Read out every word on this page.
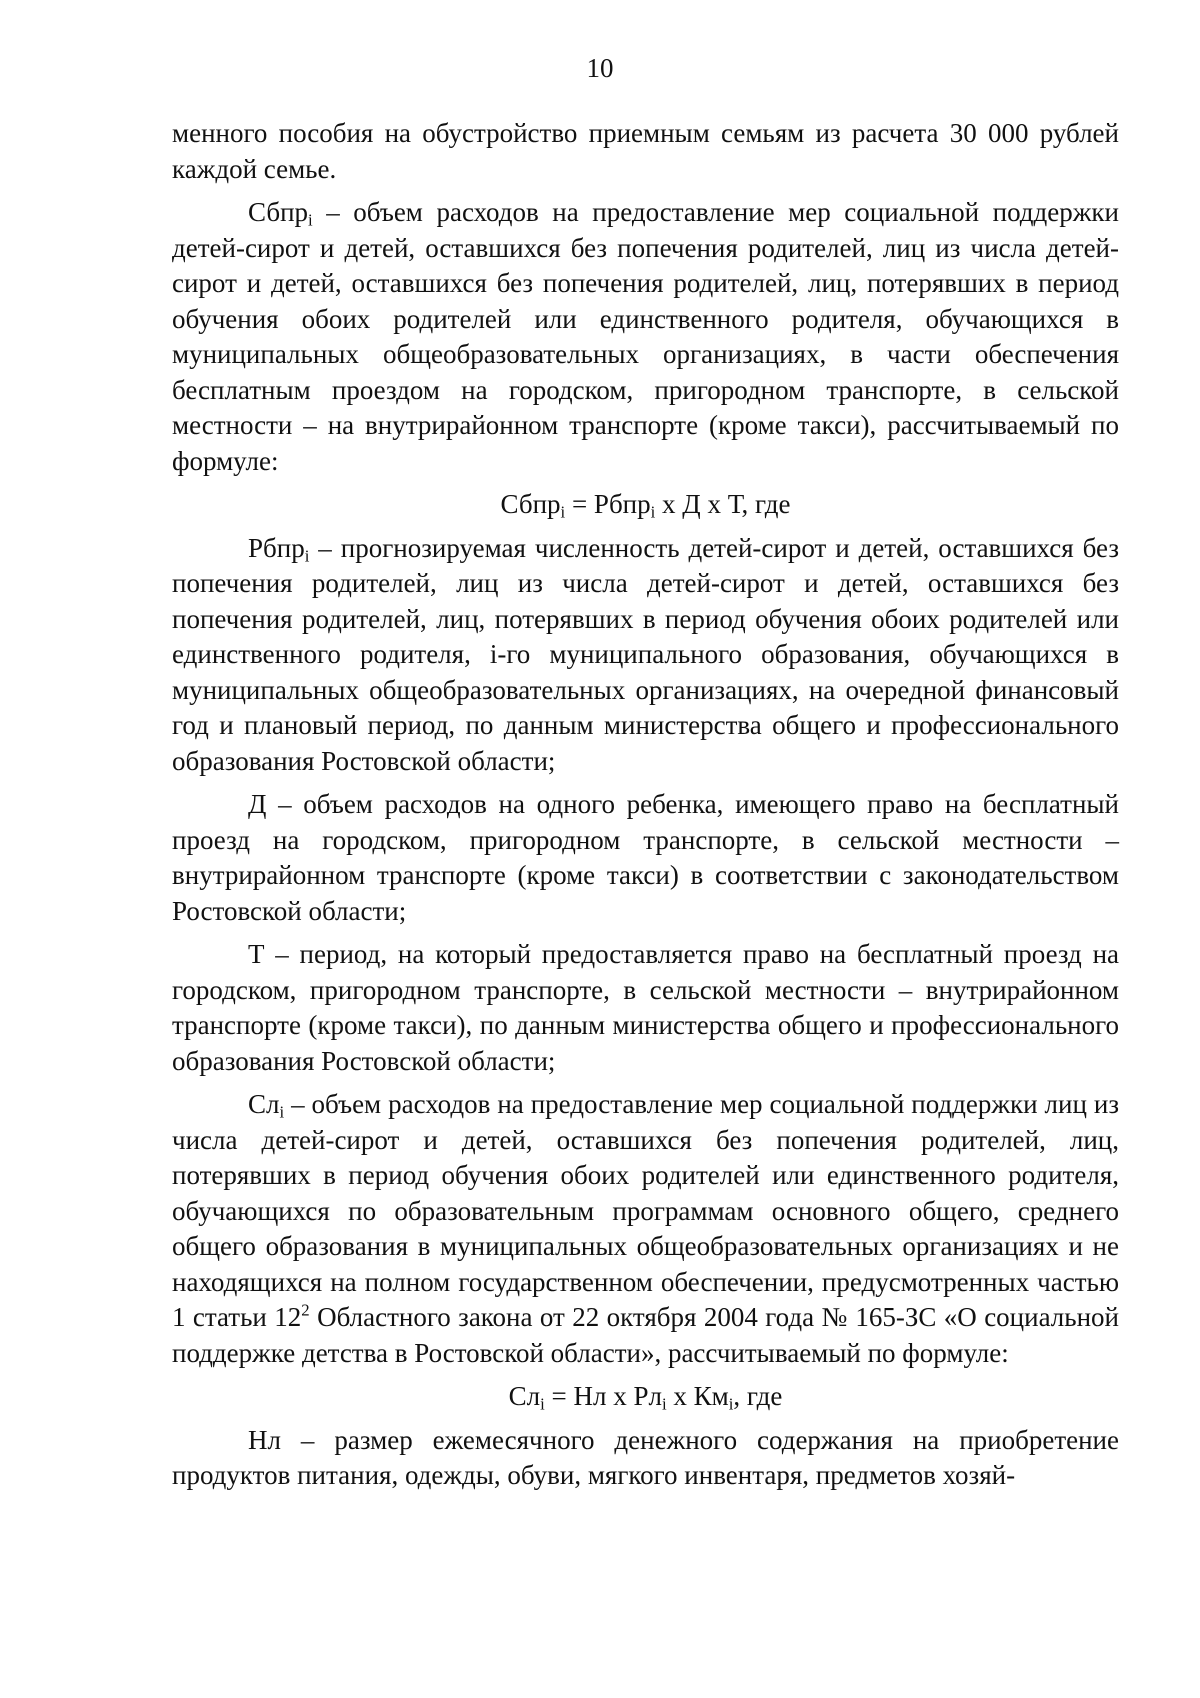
10

менного пособия на обустройство приемным семьям из расчета 30 000 рублей каждой семье.

Сбпр$_i$ – объем расходов на предоставление мер социальной поддержки детей-сирот и детей, оставшихся без попечения родителей, лиц из числа детей-сирот и детей, оставшихся без попечения родителей, лиц, потерявших в период обучения обоих родителей или единственного родителя, обучающихся в муниципальных общеобразовательных организациях, в части обеспечения бесплатным проездом на городском, пригородном транспорте, в сельской местности – на внутрирайонном транспорте (кроме такси), рассчитываемый по формуле:

Сбпр$_i$ = Рбпр$_i$ х Д х Т, где

Рбпр$_i$ – прогнозируемая численность детей-сирот и детей, оставшихся без попечения родителей, лиц из числа детей-сирот и детей, оставшихся без попечения родителей, лиц, потерявших в период обучения обоих родителей или единственного родителя, i-го муниципального образования, обучающихся в муниципальных общеобразовательных организациях, на очередной финансовый год и плановый период, по данным министерства общего и профессионального образования Ростовской области;

Д – объем расходов на одного ребенка, имеющего право на бесплатный проезд на городском, пригородном транспорте, в сельской местности – внутрирайонном транспорте (кроме такси) в соответствии с законодательством Ростовской области;

Т – период, на который предоставляется право на бесплатный проезд на городском, пригородном транспорте, в сельской местности – внутрирайонном транспорте (кроме такси), по данным министерства общего и профессионального образования Ростовской области;

$Сл_i$ – объем расходов на предоставление мер социальной поддержки лиц из числа детей-сирот и детей, оставшихся без попечения родителей, лиц, потерявших в период обучения обоих родителей или единственного родителя, обучающихся по образовательным программам основного общего, среднего общего образования в муниципальных общеобразовательных организациях и не находящихся на полном государственном обеспечении, предусмотренных частью 1 статьи $12^2$ Областного закона от 22 октября 2004 года № 165-ЗС «О социальной поддержке детства в Ростовской области», рассчитываемый по формуле:

$Сл_i$ = Нл х $Рл_i$ х $Км_i$, где

Нл – размер ежемесячного денежного содержания на приобретение продуктов питания, одежды, обуви, мягкого инвентаря, предметов хозяй-
